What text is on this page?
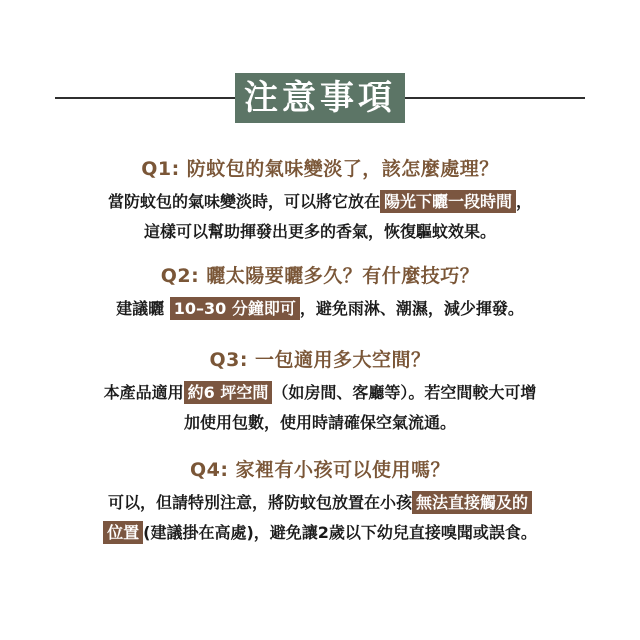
注意事項
Q1: 防蚊包的氣味變淡了，該怎麼處理？
當防蚊包的氣味變淡時，可以將它放在 陽光下曬一段時間 ，
這樣可以幫助揮發出更多的香氣，恢復驅蚊效果。
Q2: 曬太陽要曬多久？有什麼技巧？
建議曬 10–30 分鐘即可 ，避免雨淋、潮濕，減少揮發。
Q3: 一包適用多大空間？
本產品適用 約6 坪空間 （如房間、客廳等）。若空間較大可增
加使用包數，使用時請確保空氣流通。
Q4: 家裡有小孩可以使用嗎？
可以，但請特別注意，將防蚊包放置在小孩 無法直接觸及的
位置 (建議掛在高處)，避免讓2歲以下幼兒直接嗅聞或誤食。
